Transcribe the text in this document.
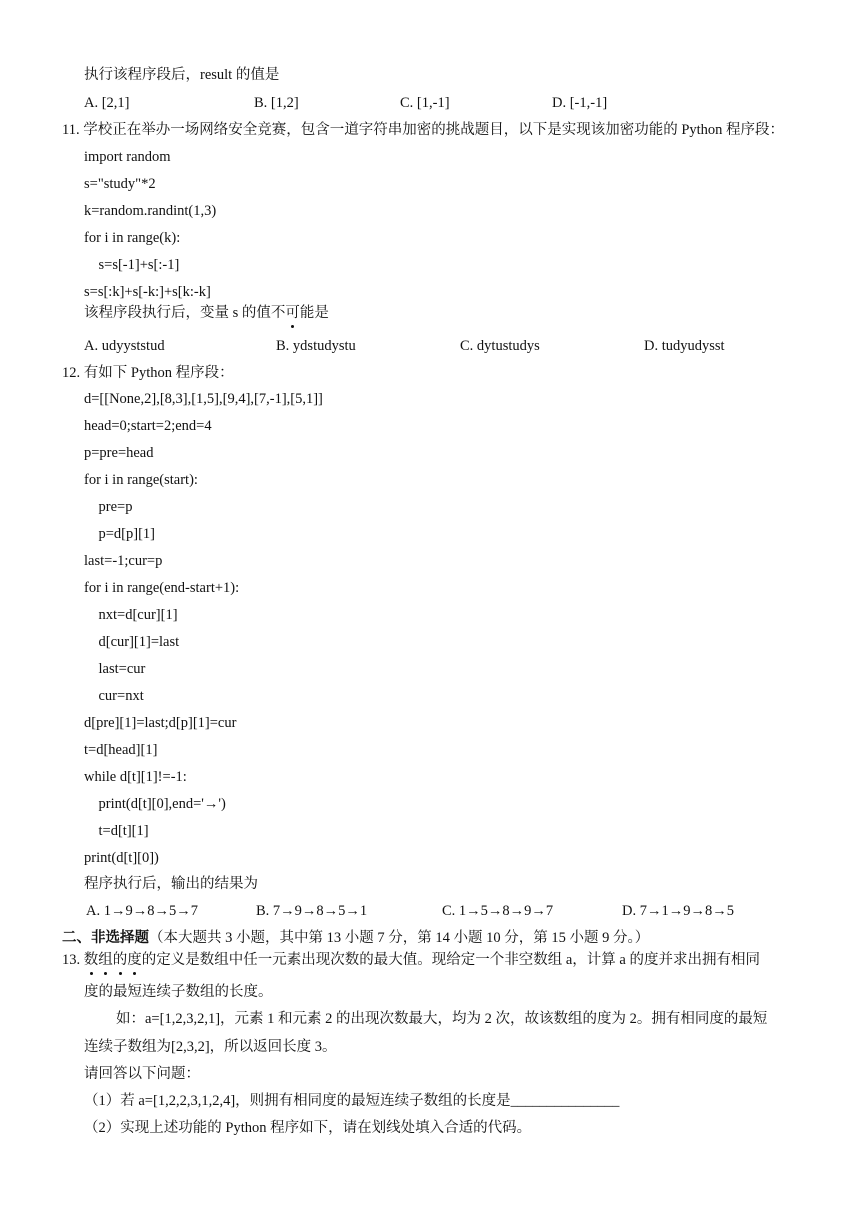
执行该程序段后，result 的值是
A. [2,1]	B. [1,2]	C. [1,-1]	D. [-1,-1]
11. 学校正在举办一场网络安全竞赛，包含一道字符串加密的挑战题目，以下是实现该加密功能的 Python 程序段：
import random
s="study"*2
k=random.randint(1,3)
for i in range(k):
s=s[-1]+s[:-1]
s=s[:k]+s[-k:]+s[k:-k]
该程序段执行后，变量 s 的值不可能是
A. udyyststud	B. ydstudystu	C. dytustudys	D. tudyudysst
12. 有如下 Python 程序段：
d=[[None,2],[8,3],[1,5],[9,4],[7,-1],[5,1]]
head=0;start=2;end=4
p=pre=head
for i in range(start):
pre=p
p=d[p][1]
last=-1;cur=p
for i in range(end-start+1):
nxt=d[cur][1]
d[cur][1]=last
last=cur
cur=nxt
d[pre][1]=last;d[p][1]=cur
t=d[head][1]
while d[t][1]!=-1:
print(d[t][0],end='→')
t=d[t][1]
print(d[t][0])
程序执行后，输出的结果为
A. 1→9→8→5→7	B. 7→9→8→5→1	C. 1→5→8→9→7	D. 7→1→9→8→5
二、非选择题（本大题共 3 小题，其中第 13 小题 7 分，第 14 小题 10 分，第 15 小题 9 分。）
13. 数组的度的定义是数组中任一元素出现次数的最大值。现给定一个非空数组 a，计算 a 的度并求出拥有相同
度的最短连续子数组的长度。
如：a=[1,2,3,2,1]，元素 1 和元素 2 的出现次数最大，均为 2 次，故该数组的度为 2。拥有相同度的最短
连续子数组为[2,3,2]，所以返回长度 3。
请回答以下问题：
（1）若 a=[1,2,2,3,1,2,4]，则拥有相同度的最短连续子数组的长度是_______________
（2）实现上述功能的 Python 程序如下，请在划线处填入合适的代码。
